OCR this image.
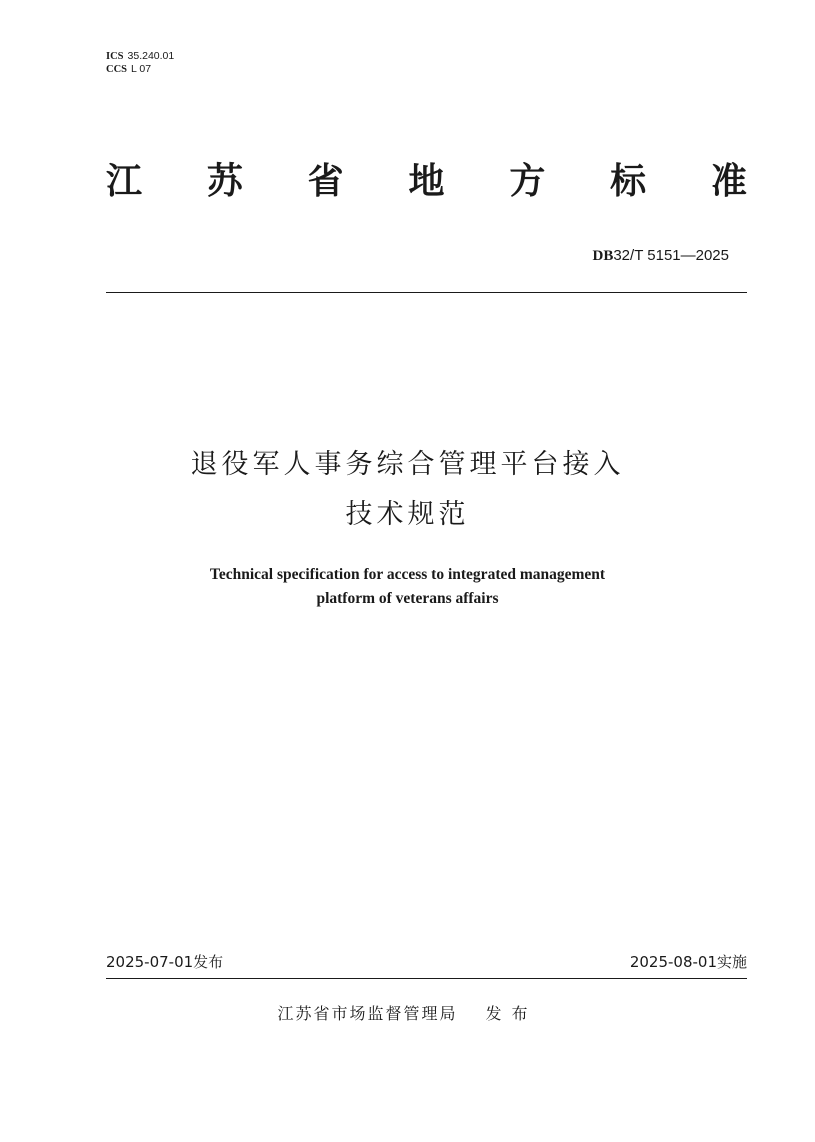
ICS 35.240.01
CCS L 07
江 苏 省 地 方 标 准
DB32/T 5151—2025
退役军人事务综合管理平台接入
技术规范
Technical specification for access to integrated management
platform of veterans affairs
2025-07-01发布	2025-08-01实施
江苏省市场监督管理局 发布
